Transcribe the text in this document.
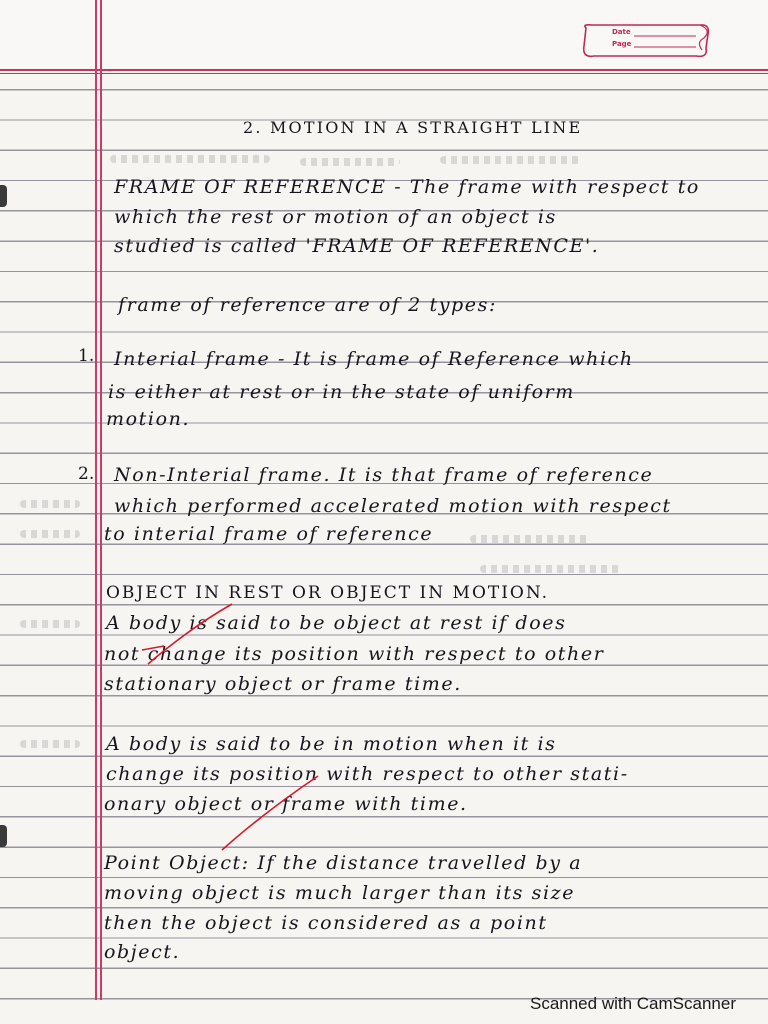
Date
Page
2. MOTION IN A STRAIGHT LINE
FRAME OF REFERENCE - The frame with respect to
which the rest or motion of an object is
studied is called 'FRAME OF REFERENCE'.
frame of reference are of 2 types:
1. Interial frame - It is frame of Reference which
is either at rest or in the state of uniform
motion.
2. Non-Interial frame. It is that frame of reference
which performed accelerated motion with respect
to interial frame of reference
OBJECT IN REST OR OBJECT IN MOTION.
A body is said to be object at rest if does
not change its position with respect to other
stationary object or frame time.
A body is said to be in motion when it is
change its position with respect to other stati-
onary object or frame with time.
Point Object: If the distance travelled by a
moving object is much larger than its size
then the object is considered as a point
object.
Scanned with CamScanner
